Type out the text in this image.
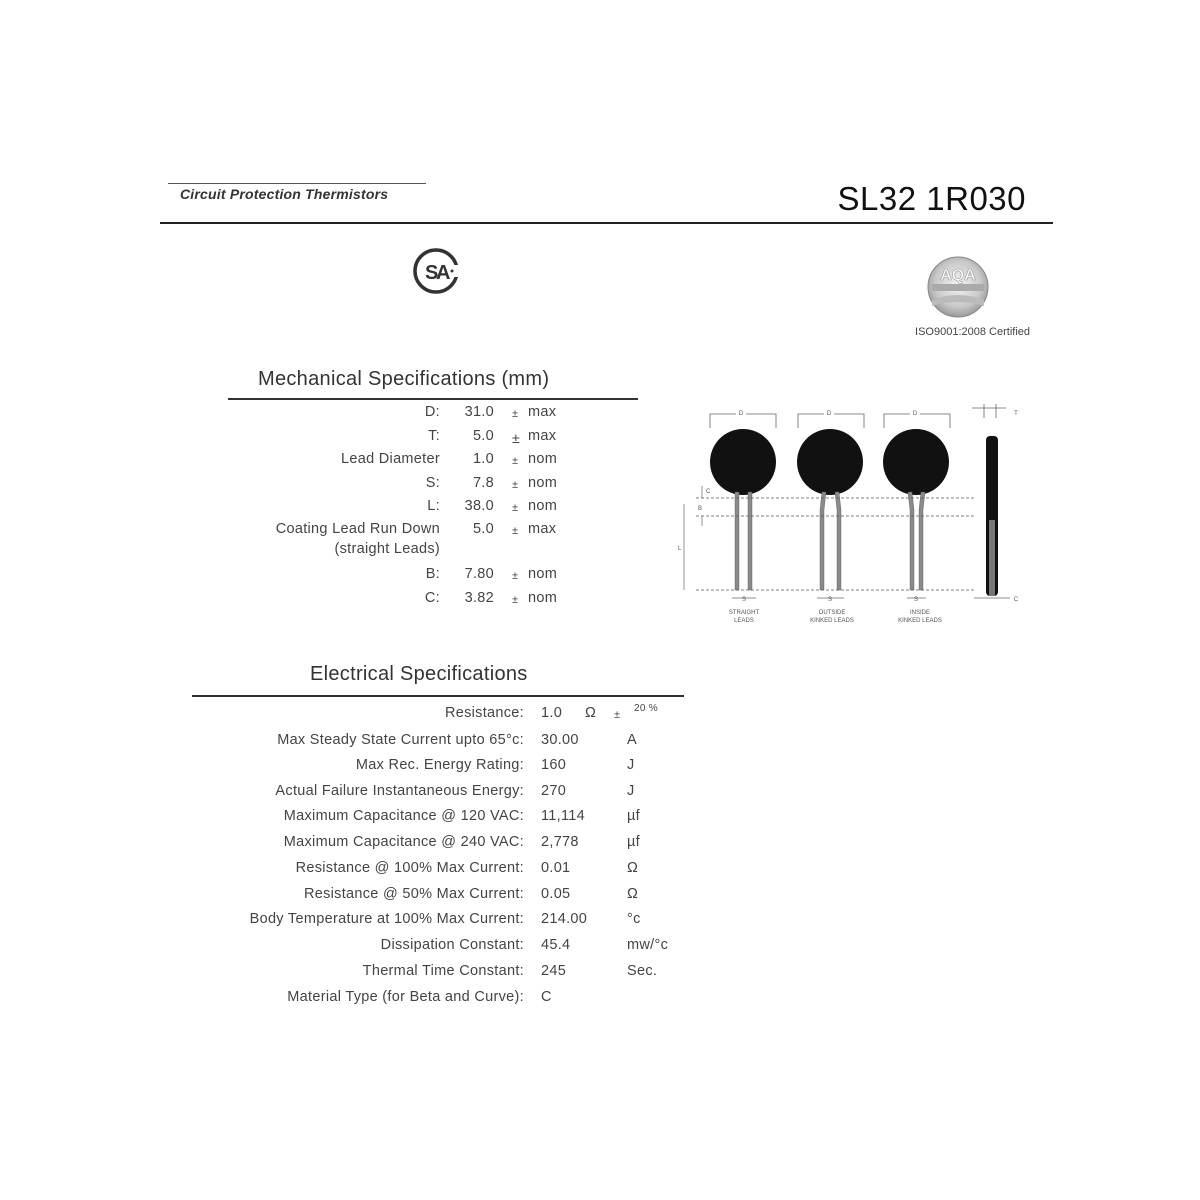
Circuit Protection Thermistors	SL32 1R030
S
A	AQA
ISO9001:2008 Certified
Mechanical Specifications (mm)
D: 31.0 ± max
T: 5.0 ± max
Lead Diameter 1.0 ± nom
S: 7.8 ± nom
L: 38.0 ± nom
Coating Lead Run Down
(straight Leads)
5.0 ± max
B: 7.80 ± nom
C: 3.82 ± nom
D	D	D	T
C
B
L
S	S	S	C
STRAIGHT
LEADS
OUTSIDE
KINKED LEADS
INSIDE
KINKED LEADS
Electrical Specifications
Resistance: 1.0 Ω ±
20 %
Max Steady State Current upto 65°c: 30.00	A
Max Rec. Energy Rating: 160	J
Actual Failure Instantaneous Energy: 270	J
Maximum Capacitance @ 120 VAC: 11,114	µf
Maximum Capacitance @ 240 VAC: 2,778	µf
Resistance @ 100% Max Current: 0.01	Ω
Resistance @ 50% Max Current: 0.05	Ω
Body Temperature at 100% Max Current: 214.00	°c
Dissipation Constant: 45.4	mw/°c
Thermal Time Constant: 245	Sec.
Material Type (for Beta and Curve): C
